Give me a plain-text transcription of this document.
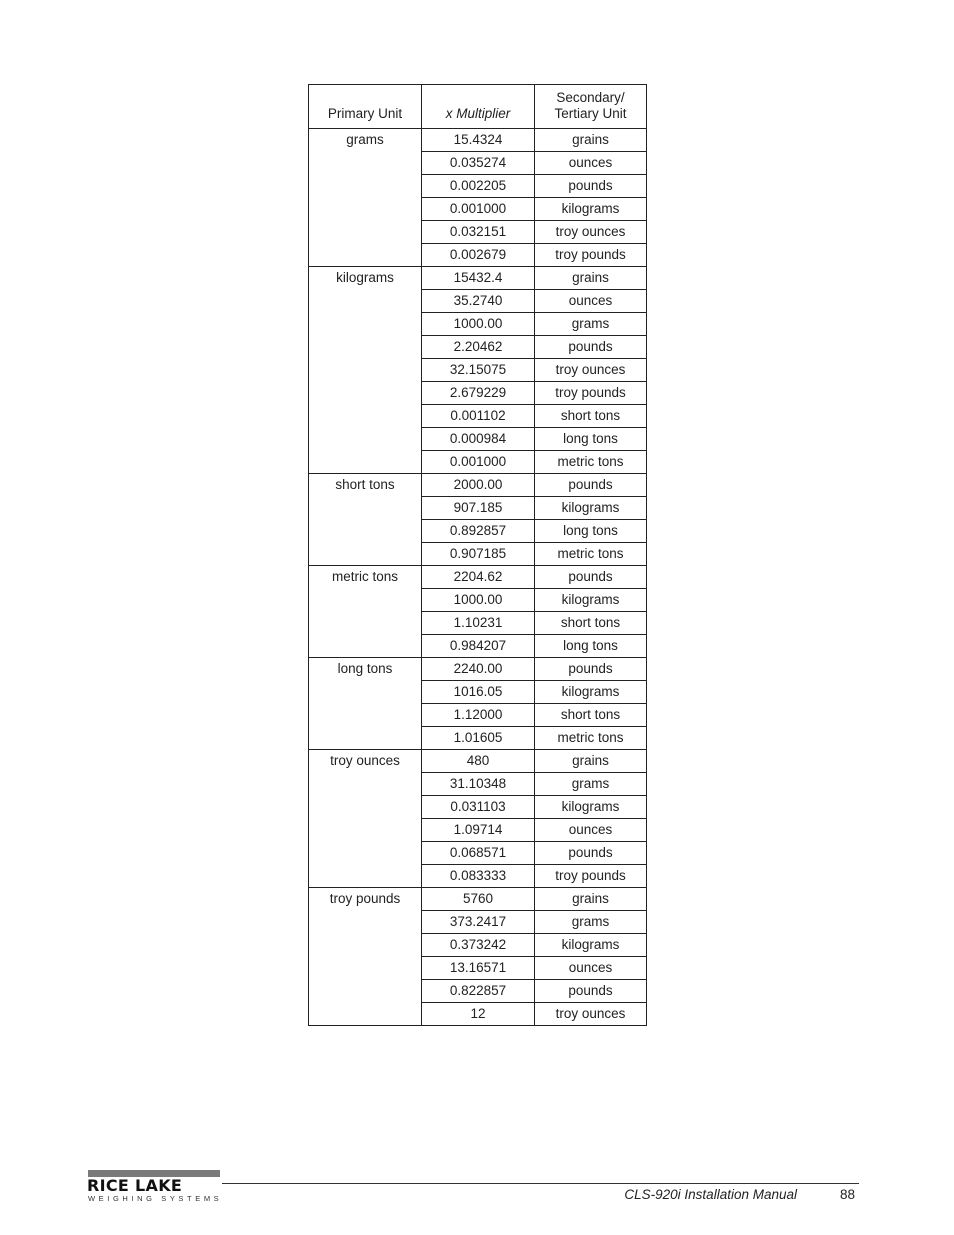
Primary Unit	x Multiplier	Secondary/
Tertiary Unit
grams	15.4324	grains
	0.035274	ounces
	0.002205	pounds
	0.001000	kilograms
	0.032151	troy ounces
	0.002679	troy pounds
kilograms	15432.4	grains
	35.2740	ounces
	1000.00	grams
	2.20462	pounds
	32.15075	troy ounces
	2.679229	troy pounds
	0.001102	short tons
	0.000984	long tons
	0.001000	metric tons
short tons	2000.00	pounds
	907.185	kilograms
	0.892857	long tons
	0.907185	metric tons
metric tons	2204.62	pounds
	1000.00	kilograms
	1.10231	short tons
	0.984207	long tons
long tons	2240.00	pounds
	1016.05	kilograms
	1.12000	short tons
	1.01605	metric tons
troy ounces	480	grains
	31.10348	grams
	0.031103	kilograms
	1.09714	ounces
	0.068571	pounds
	0.083333	troy pounds
troy pounds	5760	grains
	373.2417	grams
	0.373242	kilograms
	13.16571	ounces
	0.822857	pounds
	12	troy ounces
RICE LAKE
WEIGHING SYSTEMS	CLS-920i Installation Manual	88
